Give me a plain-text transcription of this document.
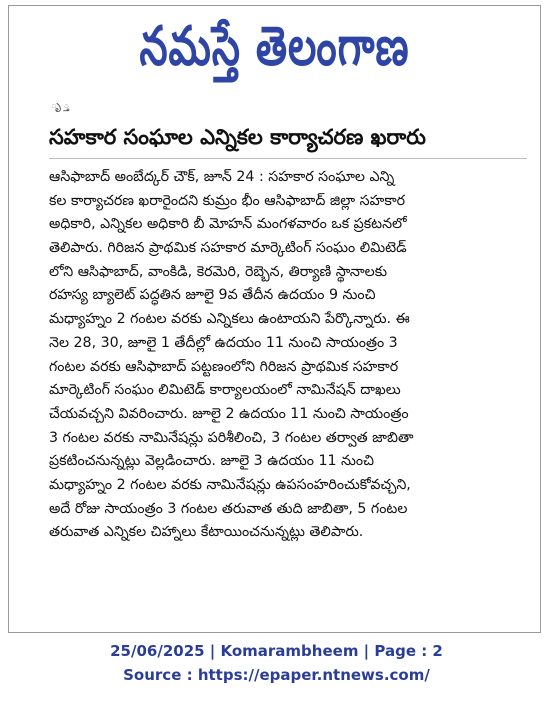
నమస్తే తెలంగాణ
ృ ్త
సహకార సంఘాల ఎన్నికల కార్యాచరణ ఖరారు
ఆసిఫాబాద్ అంబేద్కర్ చౌక్, జూన్ 24 : సహకార సంఘాల ఎన్ని
కల కార్యాచరణ ఖరారైందని కుమ్రం భీం ఆసిఫాబాద్ జిల్లా సహకార
అధికారి, ఎన్నికల అధికారి బీ మోహన్ మంగళవారం ఒక ప్రకటనలో
తెలిపారు. గిరిజన ప్రాథమిక సహకార మార్కెటింగ్ సంఘం లిమిటెడ్
లోని ఆసిఫాబాద్, వాంకిడి, కెరమెరి, రెబ్బెన, తిర్యాణి స్థానాలకు
రహస్య బ్యాలెట్ పద్ధతిన జూలై 9వ తేదీన ఉదయం 9 నుంచి
మధ్యాహ్నం 2 గంటల వరకు ఎన్నికలు ఉంటాయని పేర్కొన్నారు. ఈ
నెల 28, 30, జూలై 1 తేదీల్లో ఉదయం 11 నుంచి సాయంత్రం 3
గంటల వరకు ఆసిఫాబాద్ పట్టణంలోని గిరిజన ప్రాథమిక సహకార
మార్కెటింగ్ సంఘం లిమిటెడ్ కార్యాలయంలో నామినేషన్ దాఖలు
చేయవచ్చని వివరించారు. జూలై 2 ఉదయం 11 నుంచి సాయంత్రం
3 గంటల వరకు నామినేషన్లు పరిశీలించి, 3 గంటల తర్వాత జాబితా
ప్రకటించనున్నట్లు వెల్లడించారు. జూలై 3 ఉదయం 11 నుంచి
మధ్యాహ్నం 2 గంటల వరకు నామినేషన్లు ఉపసంహరించుకోవచ్చని,
అదే రోజు సాయంత్రం 3 గంటల తరువాత తుది జాబితా, 5 గంటల
తరువాత ఎన్నికల చిహ్నాలు కేటాయించనున్నట్లు తెలిపారు.
25/06/2025 | Komarambheem | Page : 2
Source : https://epaper.ntnews.com/
